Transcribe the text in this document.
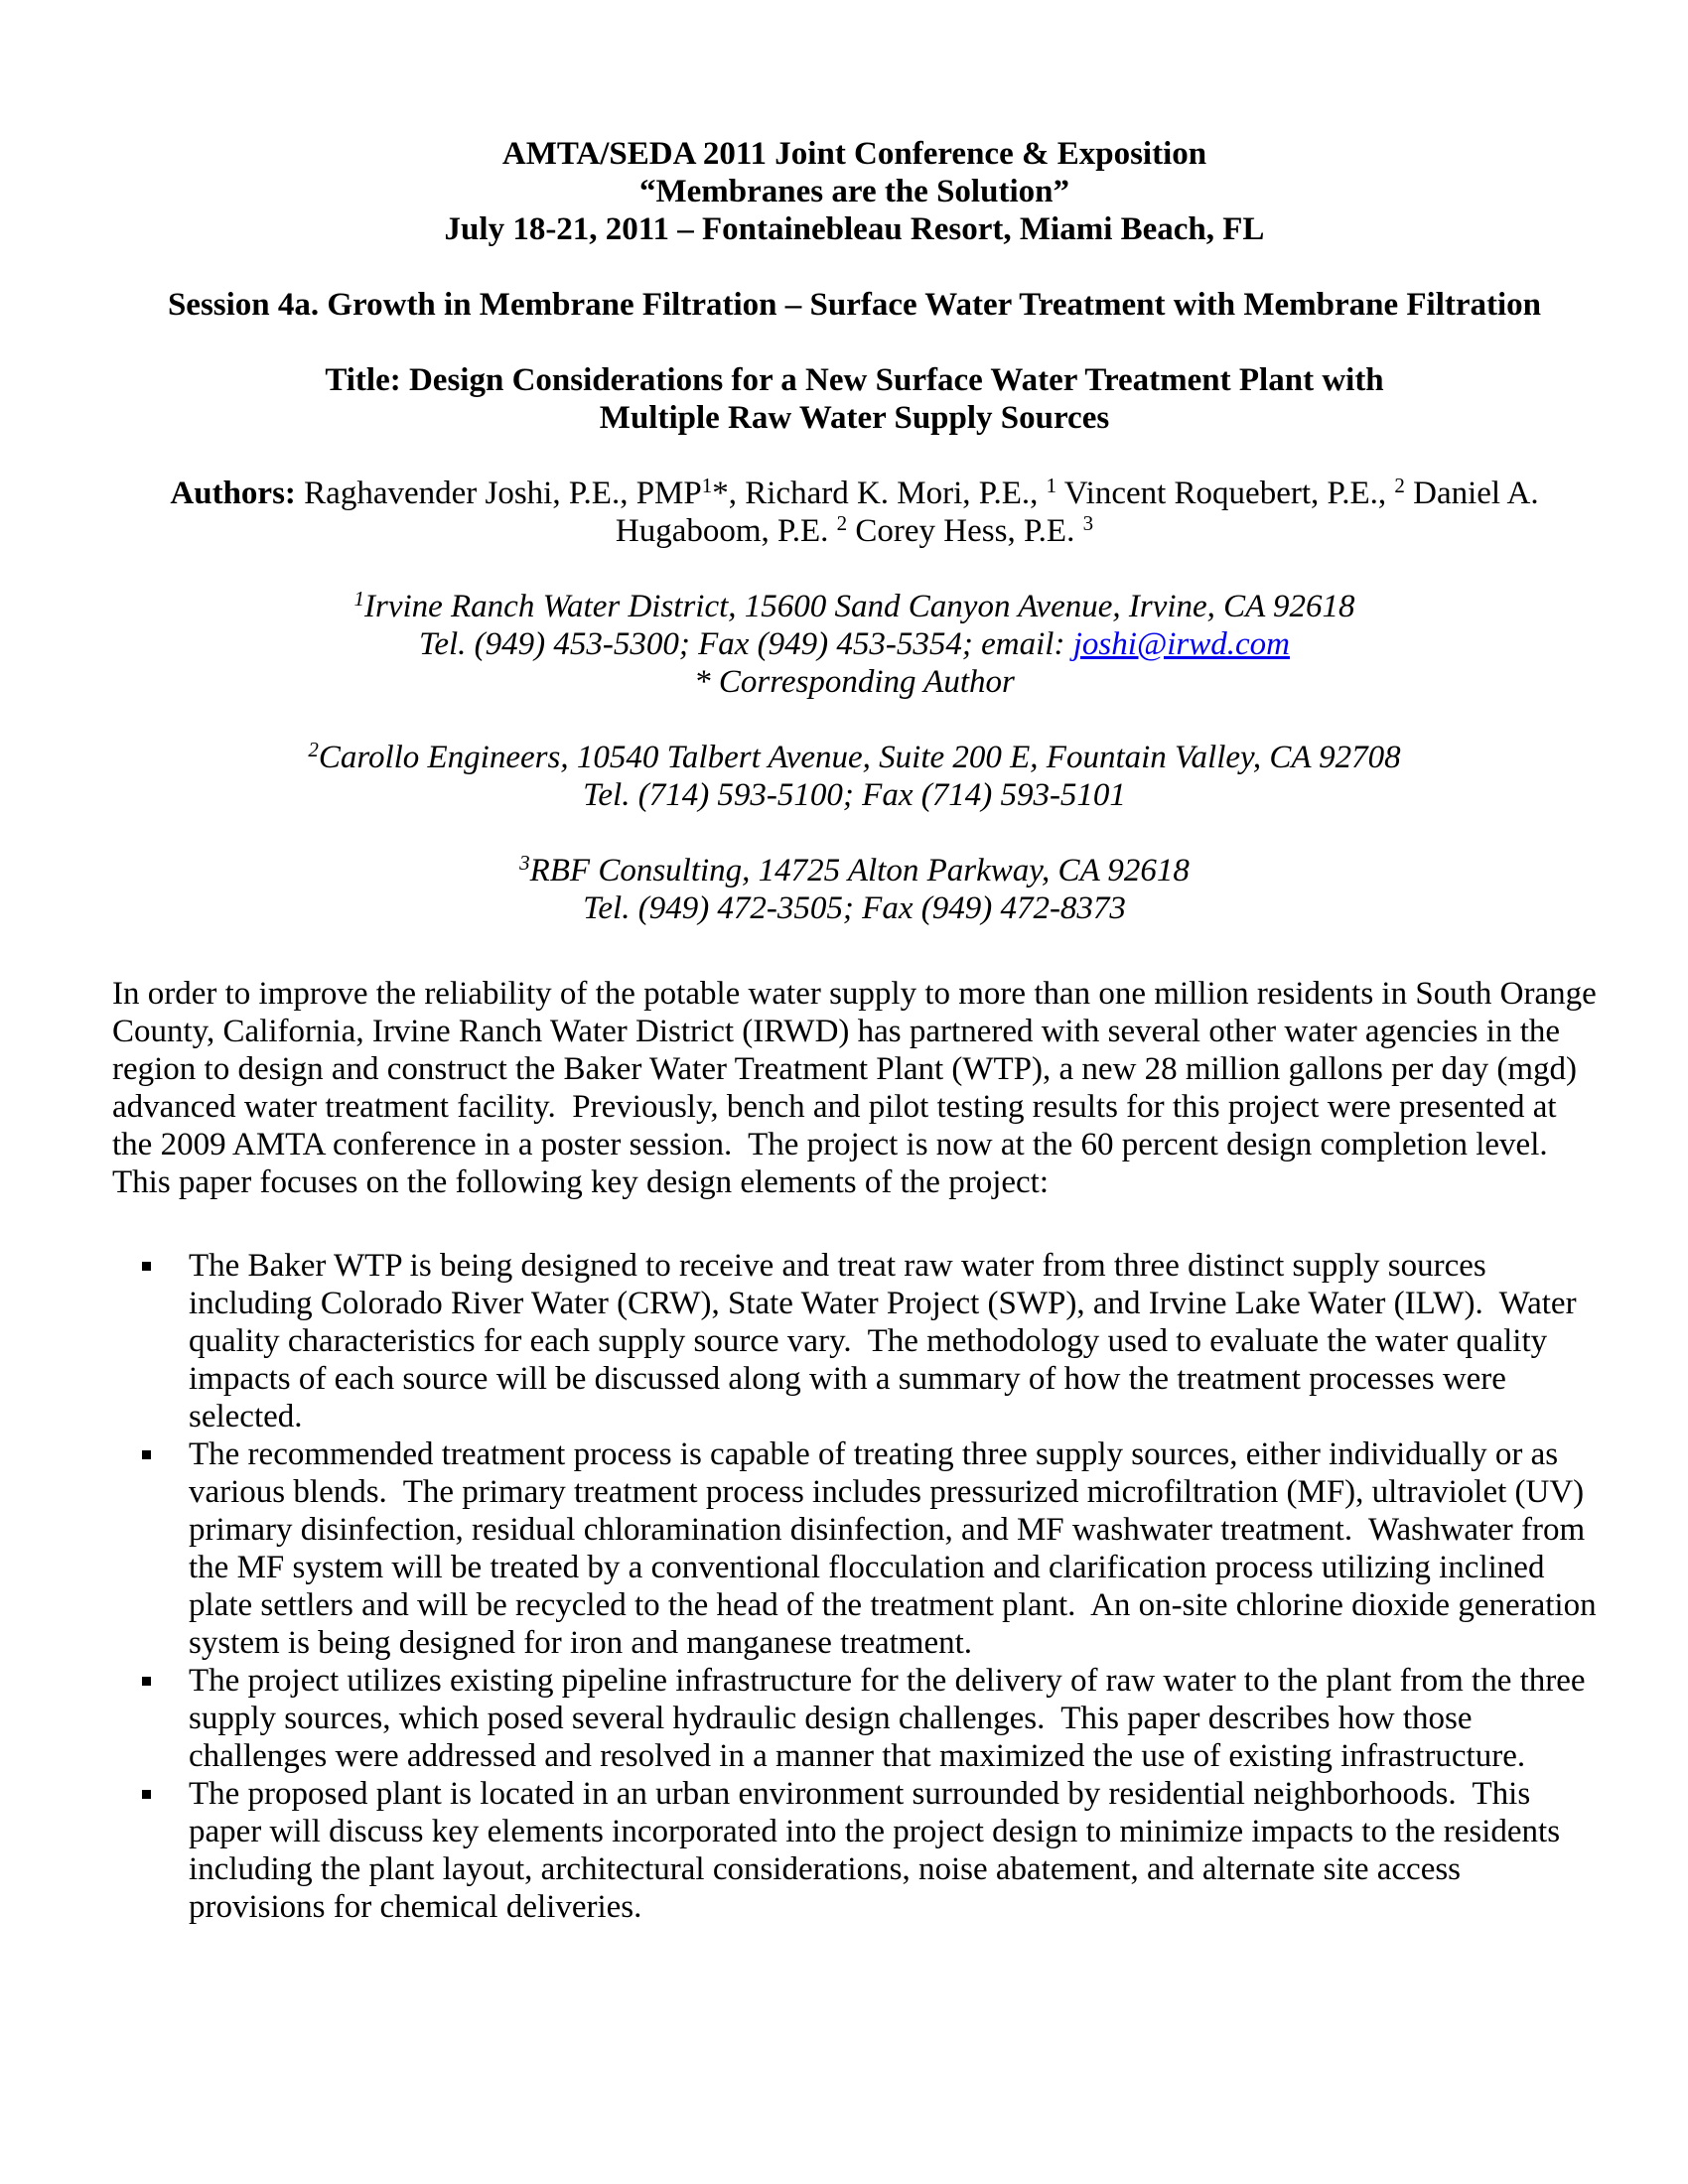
AMTA/SEDA 2011 Joint Conference & Exposition
“Membranes are the Solution”
July 18-21, 2011 – Fontainebleau Resort, Miami Beach, FL
Session 4a. Growth in Membrane Filtration – Surface Water Treatment with Membrane Filtration
Title: Design Considerations for a New Surface Water Treatment Plant with
Multiple Raw Water Supply Sources
Authors: Raghavender Joshi, P.E., PMP$^1$*, Richard K. Mori, P.E., $^1$ Vincent Roquebert, P.E., $^2$ Daniel A. Hugaboom, P.E. $^2$ Corey Hess, P.E. $^3$
$^1$Irvine Ranch Water District, 15600 Sand Canyon Avenue, Irvine, CA 92618
Tel. (949) 453-5300; Fax (949) 453-5354; email: joshi@irwd.com
* Corresponding Author
$^2$Carollo Engineers, 10540 Talbert Avenue, Suite 200 E, Fountain Valley, CA 92708
Tel. (714) 593-5100; Fax (714) 593-5101
$^3$RBF Consulting, 14725 Alton Parkway, CA 92618
Tel. (949) 472-3505; Fax (949) 472-8373
In order to improve the reliability of the potable water supply to more than one million residents in South Orange County, California, Irvine Ranch Water District (IRWD) has partnered with several other water agencies in the region to design and construct the Baker Water Treatment Plant (WTP), a new 28 million gallons per day (mgd) advanced water treatment facility.  Previously, bench and pilot testing results for this project were presented at the 2009 AMTA conference in a poster session.  The project is now at the 60 percent design completion level.  This paper focuses on the following key design elements of the project:
The Baker WTP is being designed to receive and treat raw water from three distinct supply sources including Colorado River Water (CRW), State Water Project (SWP), and Irvine Lake Water (ILW).  Water quality characteristics for each supply source vary.  The methodology used to evaluate the water quality impacts of each source will be discussed along with a summary of how the treatment processes were selected.
The recommended treatment process is capable of treating three supply sources, either individually or as various blends.  The primary treatment process includes pressurized microfiltration (MF), ultraviolet (UV) primary disinfection, residual chloramination disinfection, and MF washwater treatment.  Washwater from the MF system will be treated by a conventional flocculation and clarification process utilizing inclined plate settlers and will be recycled to the head of the treatment plant.  An on-site chlorine dioxide generation system is being designed for iron and manganese treatment.
The project utilizes existing pipeline infrastructure for the delivery of raw water to the plant from the three supply sources, which posed several hydraulic design challenges.  This paper describes how those challenges were addressed and resolved in a manner that maximized the use of existing infrastructure.
The proposed plant is located in an urban environment surrounded by residential neighborhoods.  This paper will discuss key elements incorporated into the project design to minimize impacts to the residents including the plant layout, architectural considerations, noise abatement, and alternate site access provisions for chemical deliveries.
